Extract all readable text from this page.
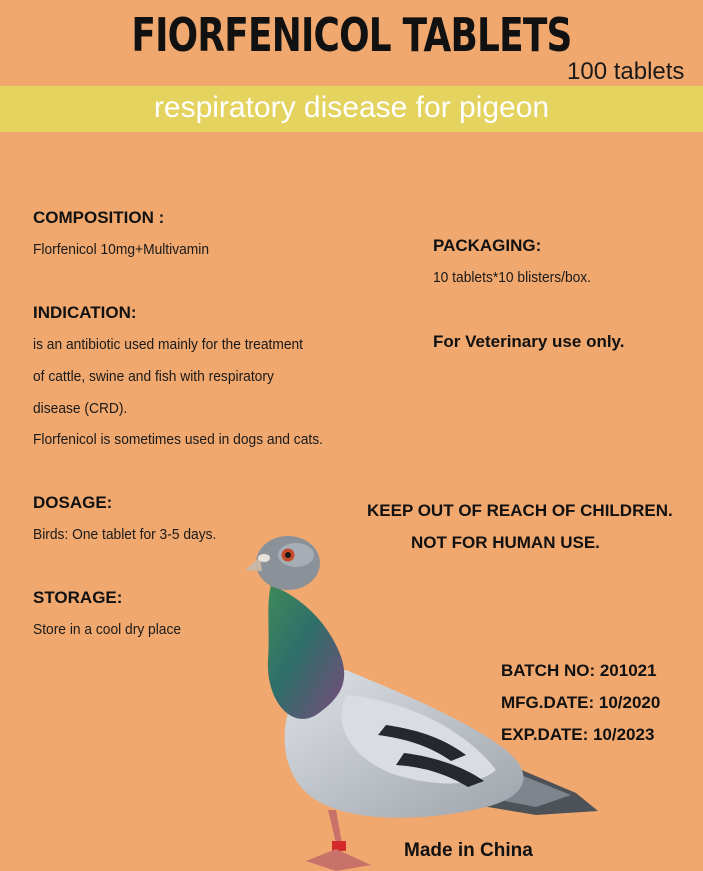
FIORFENICOL TABLETS
100 tablets
respiratory disease for pigeon
COMPOSITION :
Florfenicol 10mg+Multivamin
INDICATION:
is an antibiotic used mainly for the treatment
of cattle, swine and fish with respiratory
disease (CRD).
Florfenicol is sometimes used in dogs and cats.
DOSAGE:
Birds: One tablet for 3-5 days.
STORAGE:
Store in a cool dry place
PACKAGING:
10 tablets*10 blisters/box.
For Veterinary use only.
KEEP OUT OF REACH OF CHILDREN.
NOT FOR HUMAN USE.
BATCH NO: 201021
MFG.DATE: 10/2020
EXP.DATE: 10/2023
Made in China
